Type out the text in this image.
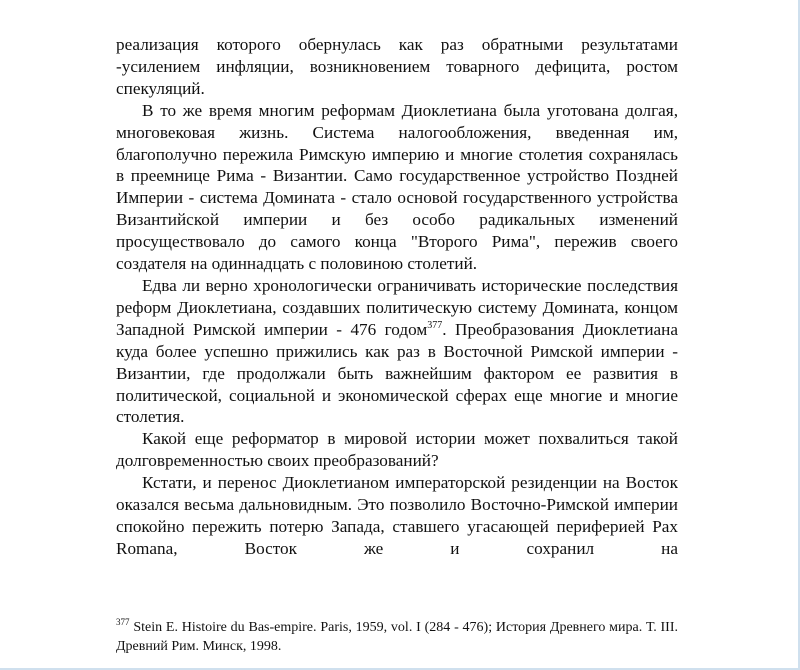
реализация которого обернулась как раз обратными результатами -усилением инфляции, возникновением товарного дефицита, ростом спекуляций.

В то же время многим реформам Диоклетиана была уготована долгая, многовековая жизнь. Система налогообложения, введенная им, благополучно пережила Римскую империю и многие столетия сохранялась в преемнице Рима - Византии. Само государственное устройство Поздней Империи - система Домината - стало основой государственного устройства Византийской империи и без особо радикальных изменений просуществовало до самого конца "Второго Рима", пережив своего создателя на одиннадцать с половиною столетий.

Едва ли верно хронологически ограничивать исторические последствия реформ Диоклетиана, создавших политическую систему Домината, концом Западной Римской империи - 476 годом$^{377}$. Преобразования Диоклетиана куда более успешно прижились как раз в Восточной Римской империи - Византии, где продолжали быть важнейшим фактором ее развития в политической, социальной и экономической сферах еще многие и многие столетия.

Какой еще реформатор в мировой истории может похвалиться такой долговременностью своих преобразований?

Кстати, и перенос Диоклетианом императорской резиденции на Восток оказался весьма дальновидным. Это позволило Восточно-Римской империи спокойно пережить потерю Запада, ставшего угасающей периферией Pax Romana, Восток же и сохранил на

$^{377}$ Stein E. Histoire du Bas-empire. Paris, 1959, vol. I (284 - 476); История Древнего мира. Т. III. Древний Рим. Минск, 1998.
